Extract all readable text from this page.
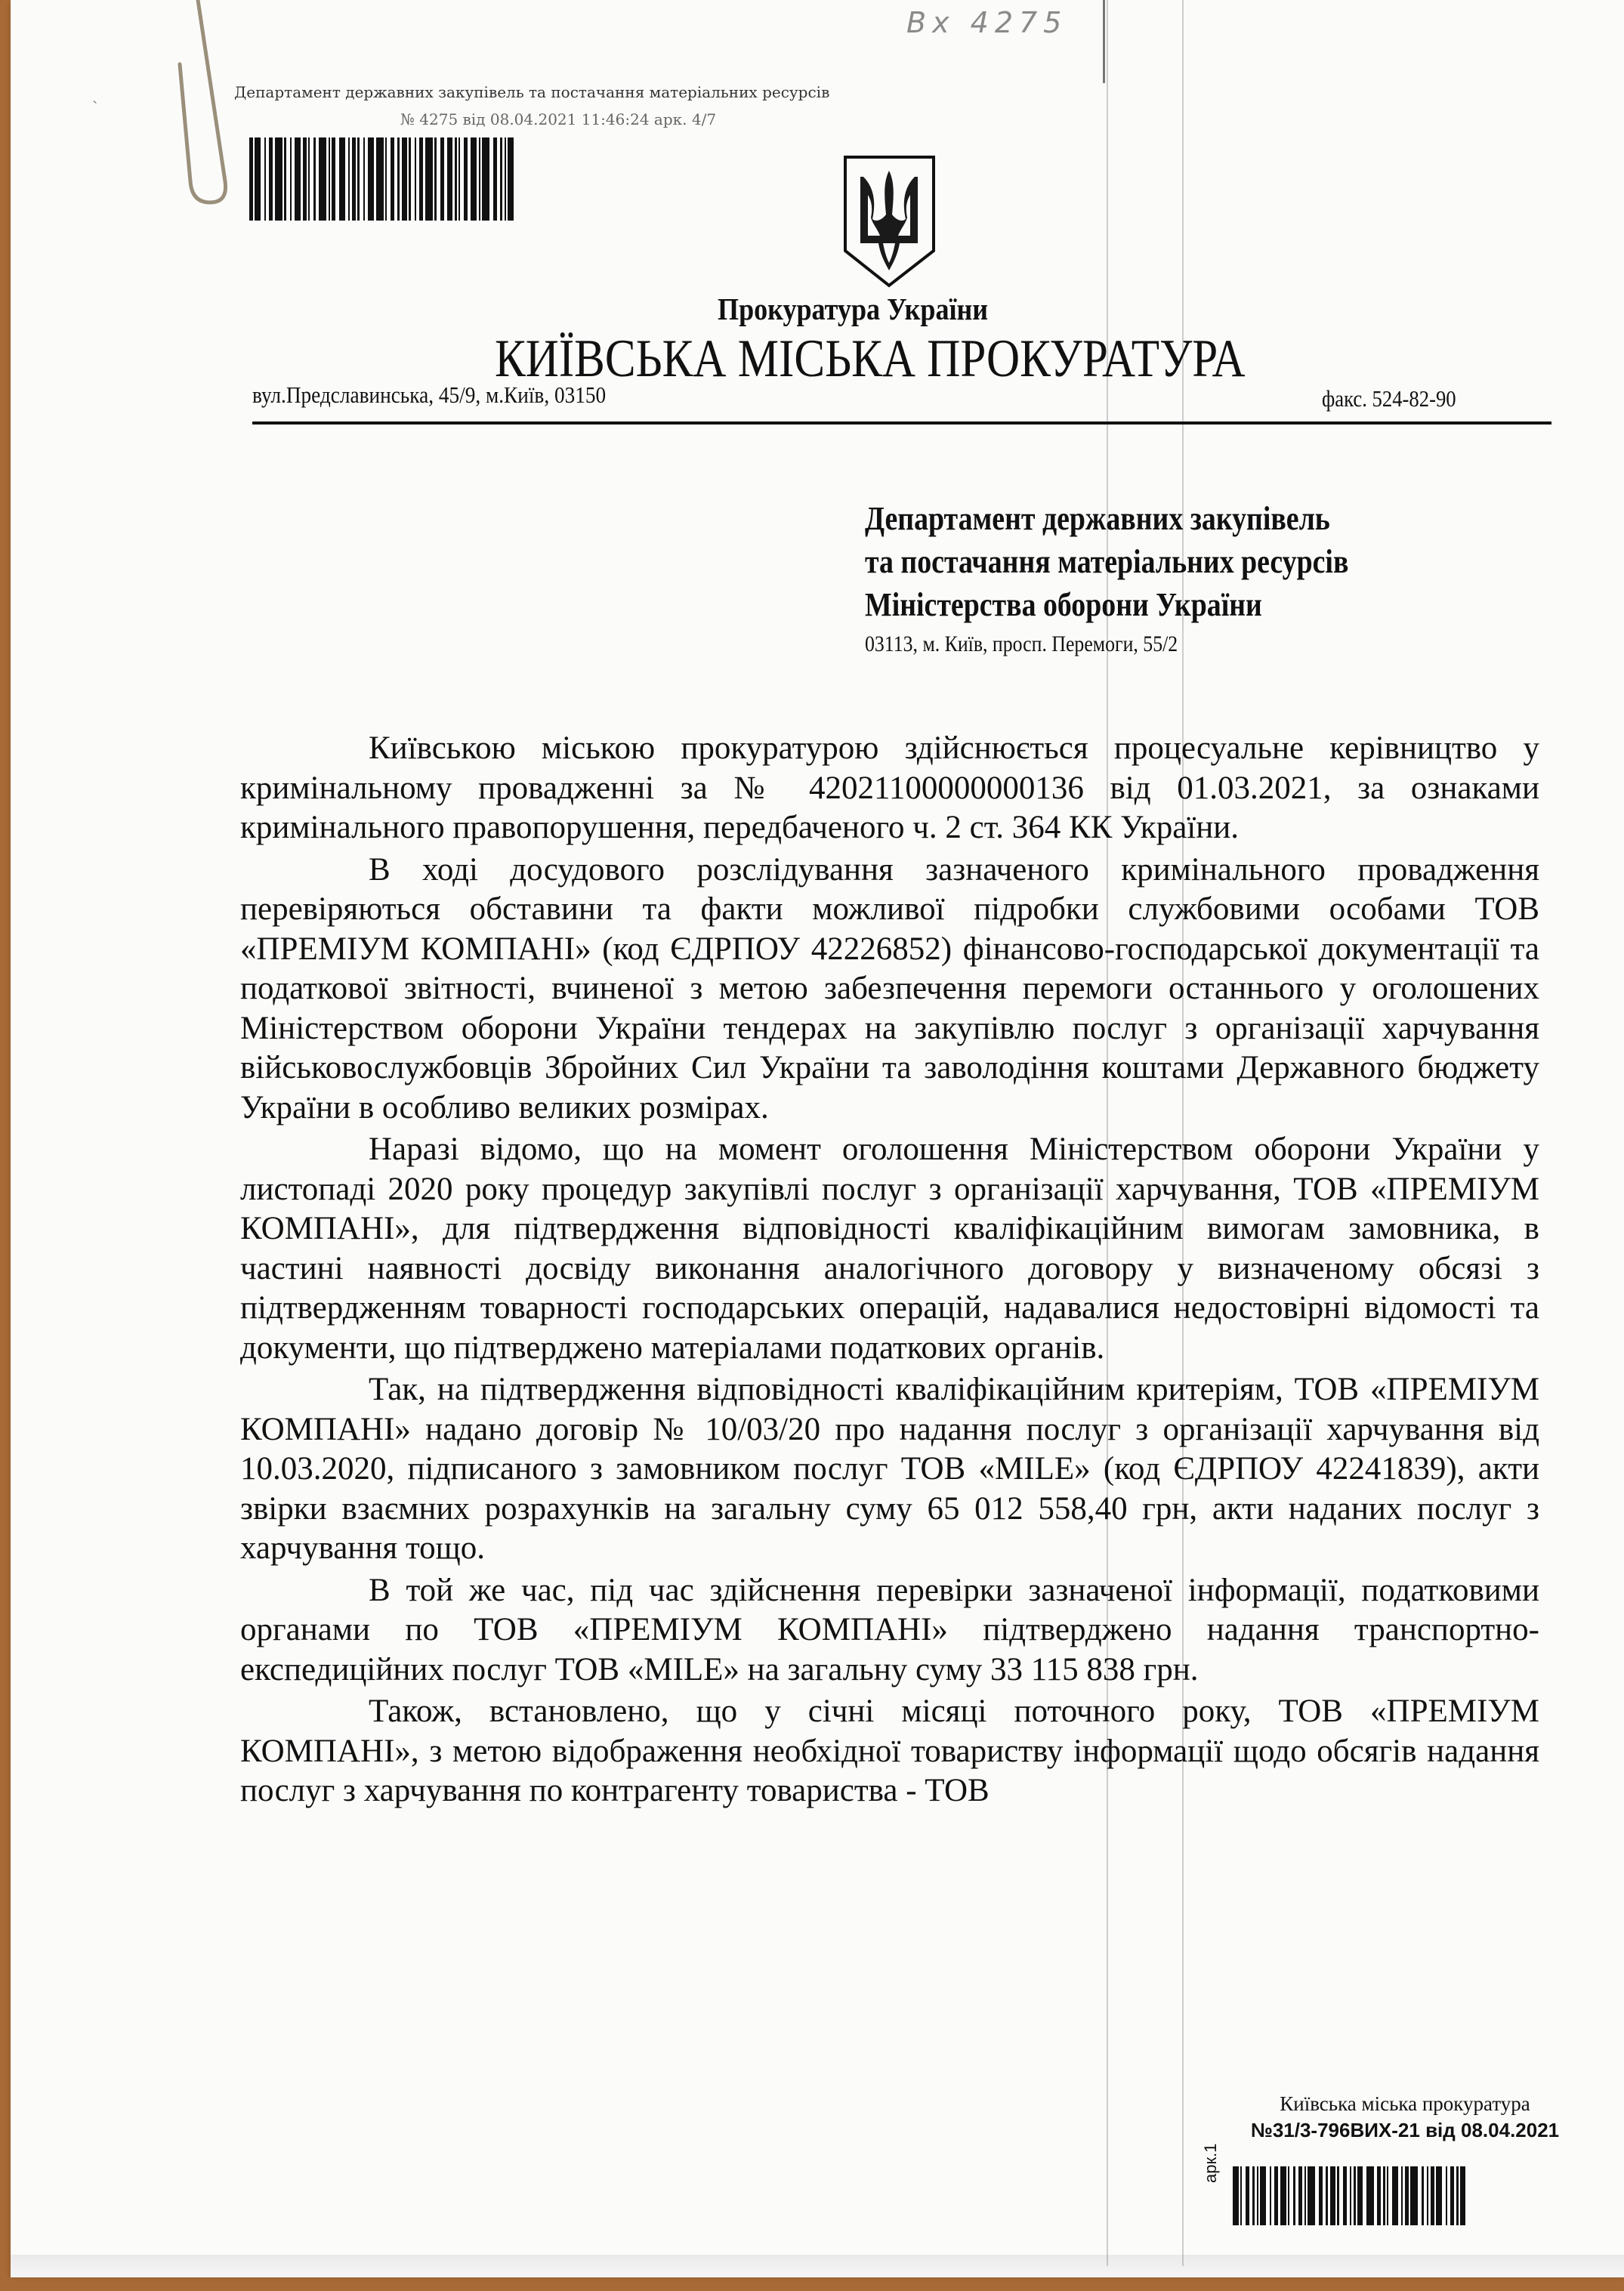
Вх 4275
ˎ	Департамент державних закупівель та постачання матеріальних ресурсів
№ 4275 від 08.04.2021 11:46:24 арк. 4/7
Прокуратура України
КИЇВСЬКА МІСЬКА ПРОКУРАТУРА
вул.Предславинська, 45/9, м.Київ, 03150	факс. 524-82-90
Департамент державних закупівель
та постачання матеріальних ресурсів
Міністерства оборони України
03113, м. Київ, просп. Перемоги, 55/2

Київською міською прокуратурою здійснюється процесуальне керівництво у кримінальному провадженні за № 42021100000000136 від 01.03.2021, за ознаками кримінального правопорушення, передбаченого ч. 2 ст. 364 КК України.

В ході досудового розслідування зазначеного кримінального провадження перевіряються обставини та факти можливої підробки службовими особами ТОВ «ПРЕМІУМ КОМПАНІ» (код ЄДРПОУ 42226852) фінансово-господарської документації та податкової звітності, вчиненої з метою забезпечення перемоги останнього у оголошених Міністерством оборони України тендерах на закупівлю послуг з організації харчування військовослужбовців Збройних Сил України та заволодіння коштами Державного бюджету України в особливо великих розмірах.

Наразі відомо, що на момент оголошення Міністерством оборони України у листопаді 2020 року процедур закупівлі послуг з організації харчування, ТОВ «ПРЕМІУМ КОМПАНІ», для підтвердження відповідності кваліфікаційним вимогам замовника, в частині наявності досвіду виконання аналогічного договору у визначеному обсязі з підтвердженням товарності господарських операцій, надавалися недостовірні відомості та документи, що підтверджено матеріалами податкових органів.

Так, на підтвердження відповідності кваліфікаційним критеріям, ТОВ «ПРЕМІУМ КОМПАНІ» надано договір № 10/03/20 про надання послуг з організації харчування від 10.03.2020, підписаного з замовником послуг ТОВ «MILE» (код ЄДРПОУ 42241839), акти звірки взаємних розрахунків на загальну суму 65 012 558,40 грн, акти наданих послуг з харчування тощо.

В той же час, під час здійснення перевірки зазначеної інформації, податковими органами по ТОВ «ПРЕМІУМ КОМПАНІ» підтверджено надання транспортно-експедиційних послуг ТОВ «MILE» на загальну суму 33 115 838 грн.

Також, встановлено, що у січні місяці поточного року, ТОВ «ПРЕМІУМ КОМПАНІ», з метою відображення необхідної товариству інформації щодо обсягів надання послуг з харчування по контрагенту товариства - ТОВ

Київська міська прокуратура
№31/3-796ВИХ-21 від 08.04.2021
арк.1
